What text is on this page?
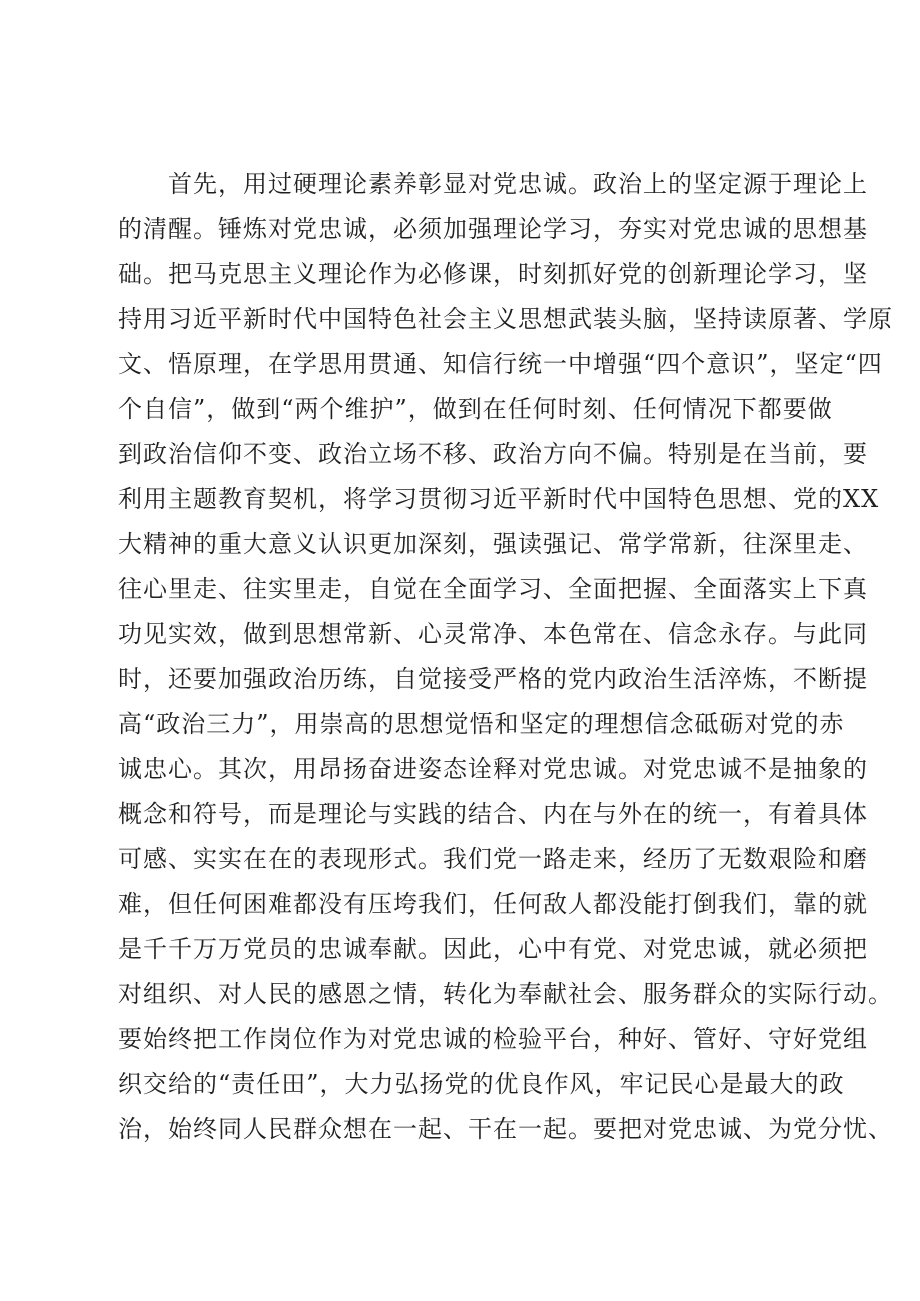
首先，用过硬理论素养彰显对党忠诚。政治上的坚定源于理论上
的清醒。锤炼对党忠诚，必须加强理论学习，夯实对党忠诚的思想基
础。把马克思主义理论作为必修课，时刻抓好党的创新理论学习，坚
持用习近平新时代中国特色社会主义思想武装头脑，坚持读原著、学原
文、悟原理，在学思用贯通、知信行统一中增强“四个意识”，坚定“四
个自信”，做到“两个维护”，做到在任何时刻、任何情况下都要做
到政治信仰不变、政治立场不移、政治方向不偏。特别是在当前，要
利用主题教育契机，将学习贯彻习近平新时代中国特色思想、党的XX
大精神的重大意义认识更加深刻，强读强记、常学常新，往深里走、
往心里走、往实里走，自觉在全面学习、全面把握、全面落实上下真
功见实效，做到思想常新、心灵常净、本色常在、信念永存。与此同
时，还要加强政治历练，自觉接受严格的党内政治生活淬炼，不断提
高“政治三力”，用崇高的思想觉悟和坚定的理想信念砥砺对党的赤
诚忠心。其次，用昂扬奋进姿态诠释对党忠诚。对党忠诚不是抽象的
概念和符号，而是理论与实践的结合、内在与外在的统一，有着具体
可感、实实在在的表现形式。我们党一路走来，经历了无数艰险和磨
难，但任何困难都没有压垮我们，任何敌人都没能打倒我们，靠的就
是千千万万党员的忠诚奉献。因此，心中有党、对党忠诚，就必须把
对组织、对人民的感恩之情，转化为奉献社会、服务群众的实际行动。
要始终把工作岗位作为对党忠诚的检验平台，种好、管好、守好党组
织交给的“责任田”，大力弘扬党的优良作风，牢记民心是最大的政
治，始终同人民群众想在一起、干在一起。要把对党忠诚、为党分忧、
